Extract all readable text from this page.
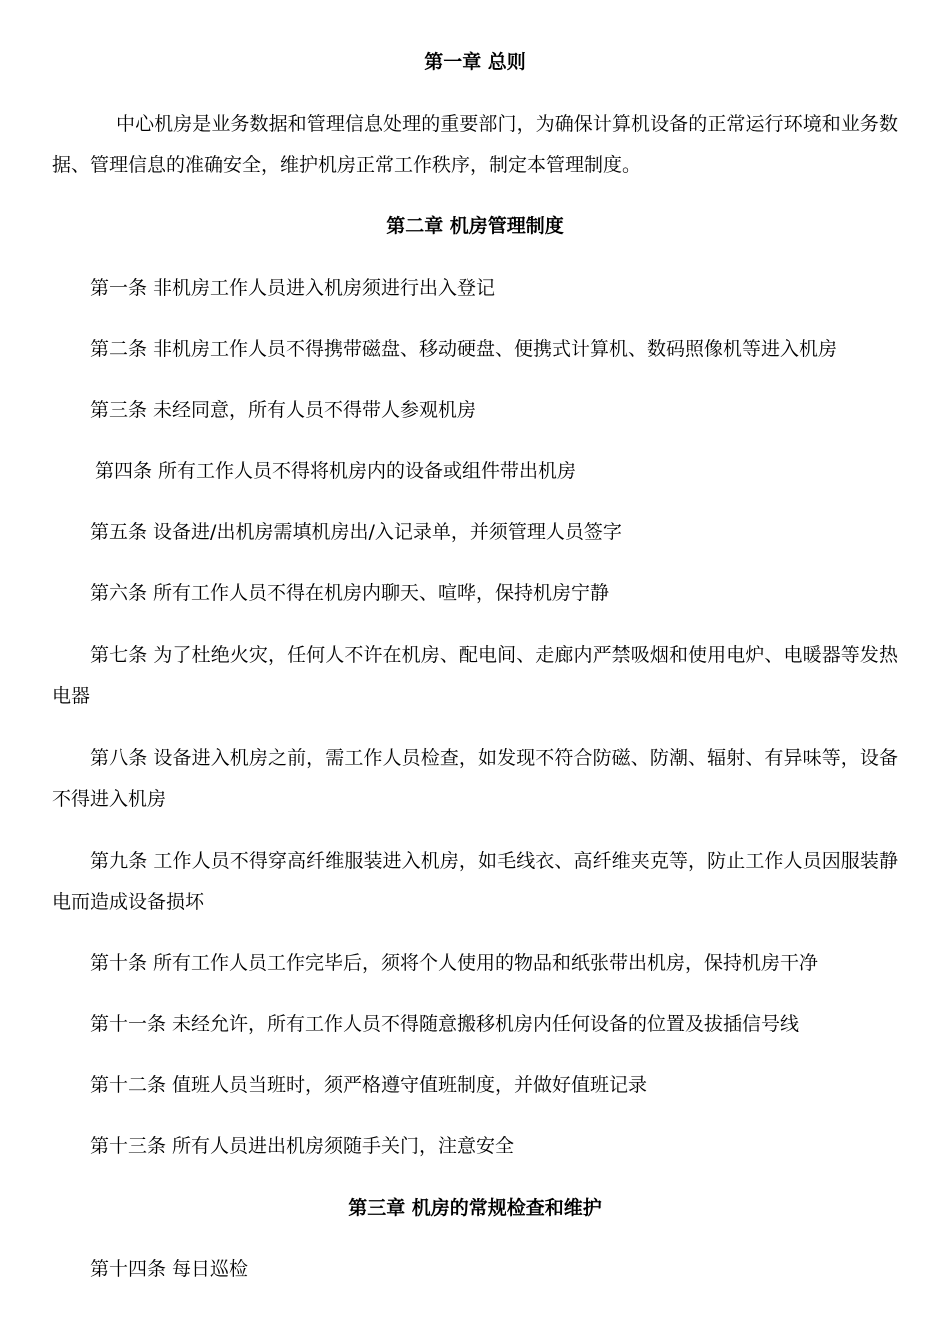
第一章 总则
中心机房是业务数据和管理信息处理的重要部门，为确保计算机设备的正常运行环境和业务数据、管理信息的准确安全，维护机房正常工作秩序，制定本管理制度。
第二章 机房管理制度
第一条 非机房工作人员进入机房须进行出入登记
第二条 非机房工作人员不得携带磁盘、移动硬盘、便携式计算机、数码照像机等进入机房
第三条 未经同意，所有人员不得带人参观机房
第四条 所有工作人员不得将机房内的设备或组件带出机房
第五条 设备进/出机房需填机房出/入记录单，并须管理人员签字
第六条 所有工作人员不得在机房内聊天、喧哗，保持机房宁静
第七条 为了杜绝火灾，任何人不许在机房、配电间、走廊内严禁吸烟和使用电炉、电暖器等发热电器
第八条 设备进入机房之前，需工作人员检查，如发现不符合防磁、防潮、辐射、有异味等，设备不得进入机房
第九条 工作人员不得穿高纤维服装进入机房，如毛线衣、高纤维夹克等，防止工作人员因服装静电而造成设备损坏
第十条 所有工作人员工作完毕后，须将个人使用的物品和纸张带出机房，保持机房干净
第十一条 未经允许，所有工作人员不得随意搬移机房内任何设备的位置及拔插信号线
第十二条 值班人员当班时，须严格遵守值班制度，并做好值班记录
第十三条 所有人员进出机房须随手关门，注意安全
第三章 机房的常规检查和维护
第十四条 每日巡检
